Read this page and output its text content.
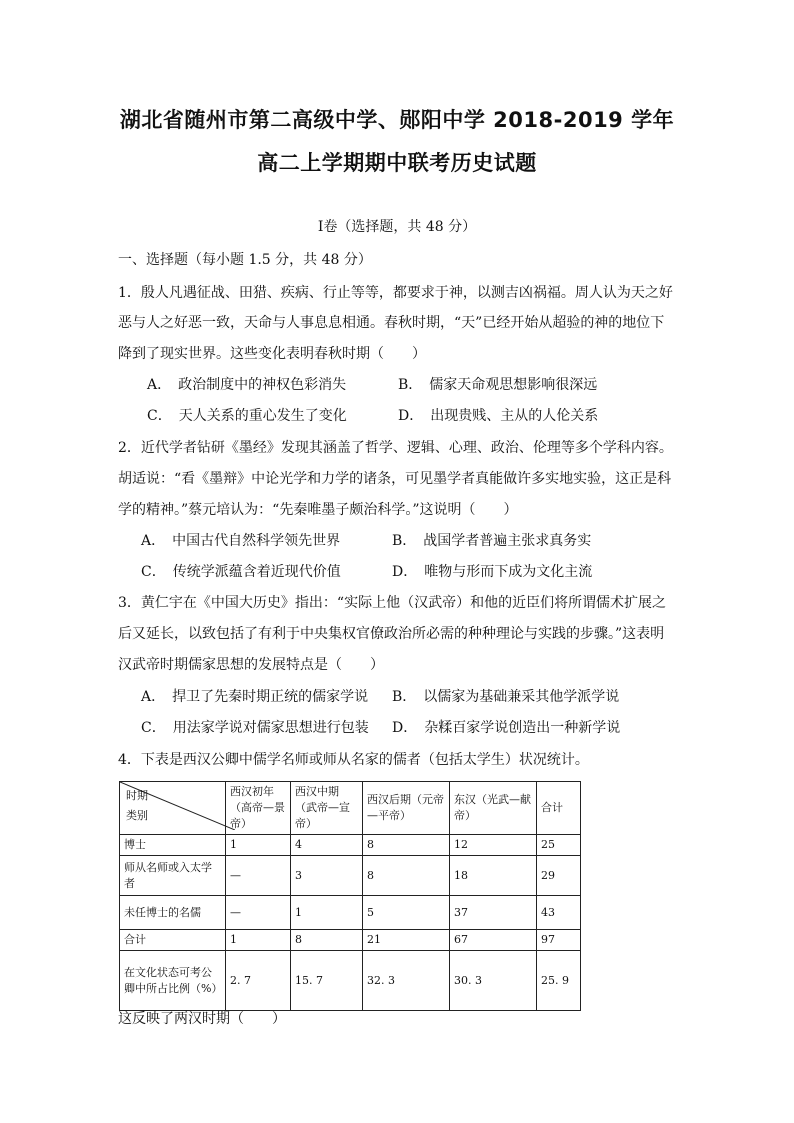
湖北省随州市第二高级中学、郧阳中学 2018-2019 学年
高二上学期期中联考历史试题
Ⅰ卷（选择题，共 48 分）
一、选择题（每小题 1.5 分，共 48 分）
1．殷人凡遇征战、田猎、疾病、行止等等，都要求于神，以测吉凶祸福。周人认为天之好
恶与人之好恶一致，天命与人事息息相通。春秋时期，“天”已经开始从超验的神的地位下
降到了现实世界。这些变化表明春秋时期（　　）
A．　政治制度中的神权色彩消失	B．　儒家天命观思想影响很深远
C．　天人关系的重心发生了变化	D．　出现贵贱、主从的人伦关系
2．近代学者钻研《墨经》发现其涵盖了哲学、逻辑、心理、政治、伦理等多个学科内容。
胡适说：“看《墨辩》中论光学和力学的诸条，可见墨学者真能做许多实地实验，这正是科
学的精神。”蔡元培认为：“先秦唯墨子颇治科学。”这说明（　　）
A．　中国古代自然科学领先世界	B．　战国学者普遍主张求真务实
C．　传统学派蕴含着近现代价值	D．　唯物与形而下成为文化主流
3．黄仁宇在《中国大历史》指出：“实际上他（汉武帝）和他的近臣们将所谓儒术扩展之
后又延长，以致包括了有利于中央集权官僚政治所必需的种种理论与实践的步骤。”这表明
汉武帝时期儒家思想的发展特点是（　　）
A．　捍卫了先秦时期正统的儒家学说 B．　以儒家为基础兼采其他学派学说
C．　用法家学说对儒家思想进行包装 D．　杂糅百家学说创造出一种新学说
4．下表是西汉公卿中儒学名师或师从名家的儒者（包括太学生）状况统计。
时期
类别	西汉初年（高帝—景帝）	西汉中期（武帝—宣帝）	西汉后期（元帝—平帝）	东汉（光武—献帝）	合计
博士	1	4	8	12	25
师从名师或入太学者	—	3	8	18	29
未任博士的名儒	—	1	5	37	43
合计	1	8	21	67	97
在文化状态可考公卿中所占比例（%）	2. 7	15. 7	32. 3	30. 3	25. 9
这反映了两汉时期（　　）
